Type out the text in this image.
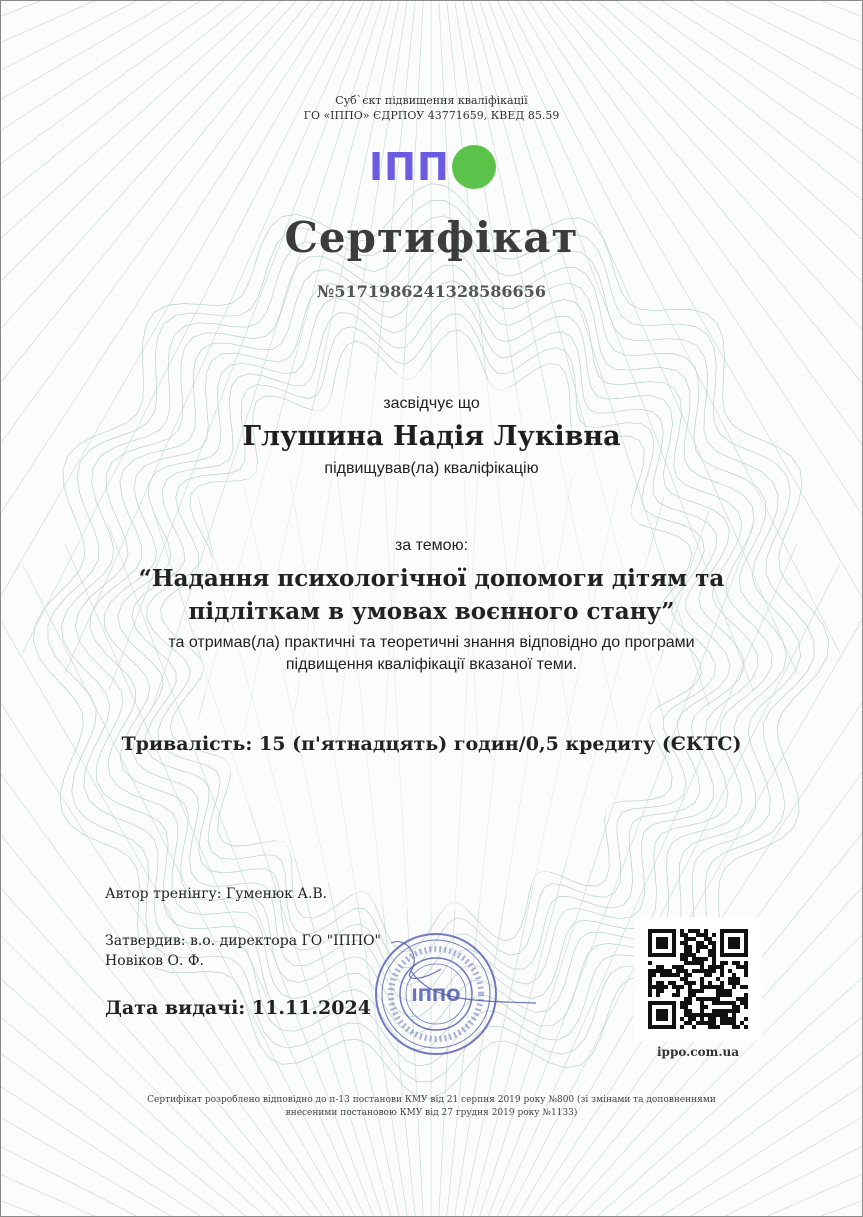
Суб`єкт підвищення кваліфікації
ГО «ІППО» ЄДРПОУ 43771659, КВЕД 85.59
ІПП
Сертифікат
№5171986241328586656
засвідчує що
Глушина Надія Луківна
підвищував(ла) кваліфікацію
за темою:
“Надання психологічної допомоги дітям та
підліткам в умовах воєнного стану”
та отримав(ла) практичні та теоретичні знання відповідно до програми
підвищення кваліфікації вказаної теми.
Тривалість: 15 (п'ятнадцять) годин/0,5 кредиту (ЄКТС)
Автор тренінгу: Гуменюк А.В.
Затвердив: в.о. директора ГО "ІППО"
Новіков О. Ф.
Дата видачі: 11.11.2024
ІППО
ippo.com.ua
Сертифікат розроблено відповідно до п-13 постанови КМУ від 21 серпня 2019 року №800 (зі змінами та доповненнями
внесеними постановою КМУ від 27 грудня 2019 року №1133)
